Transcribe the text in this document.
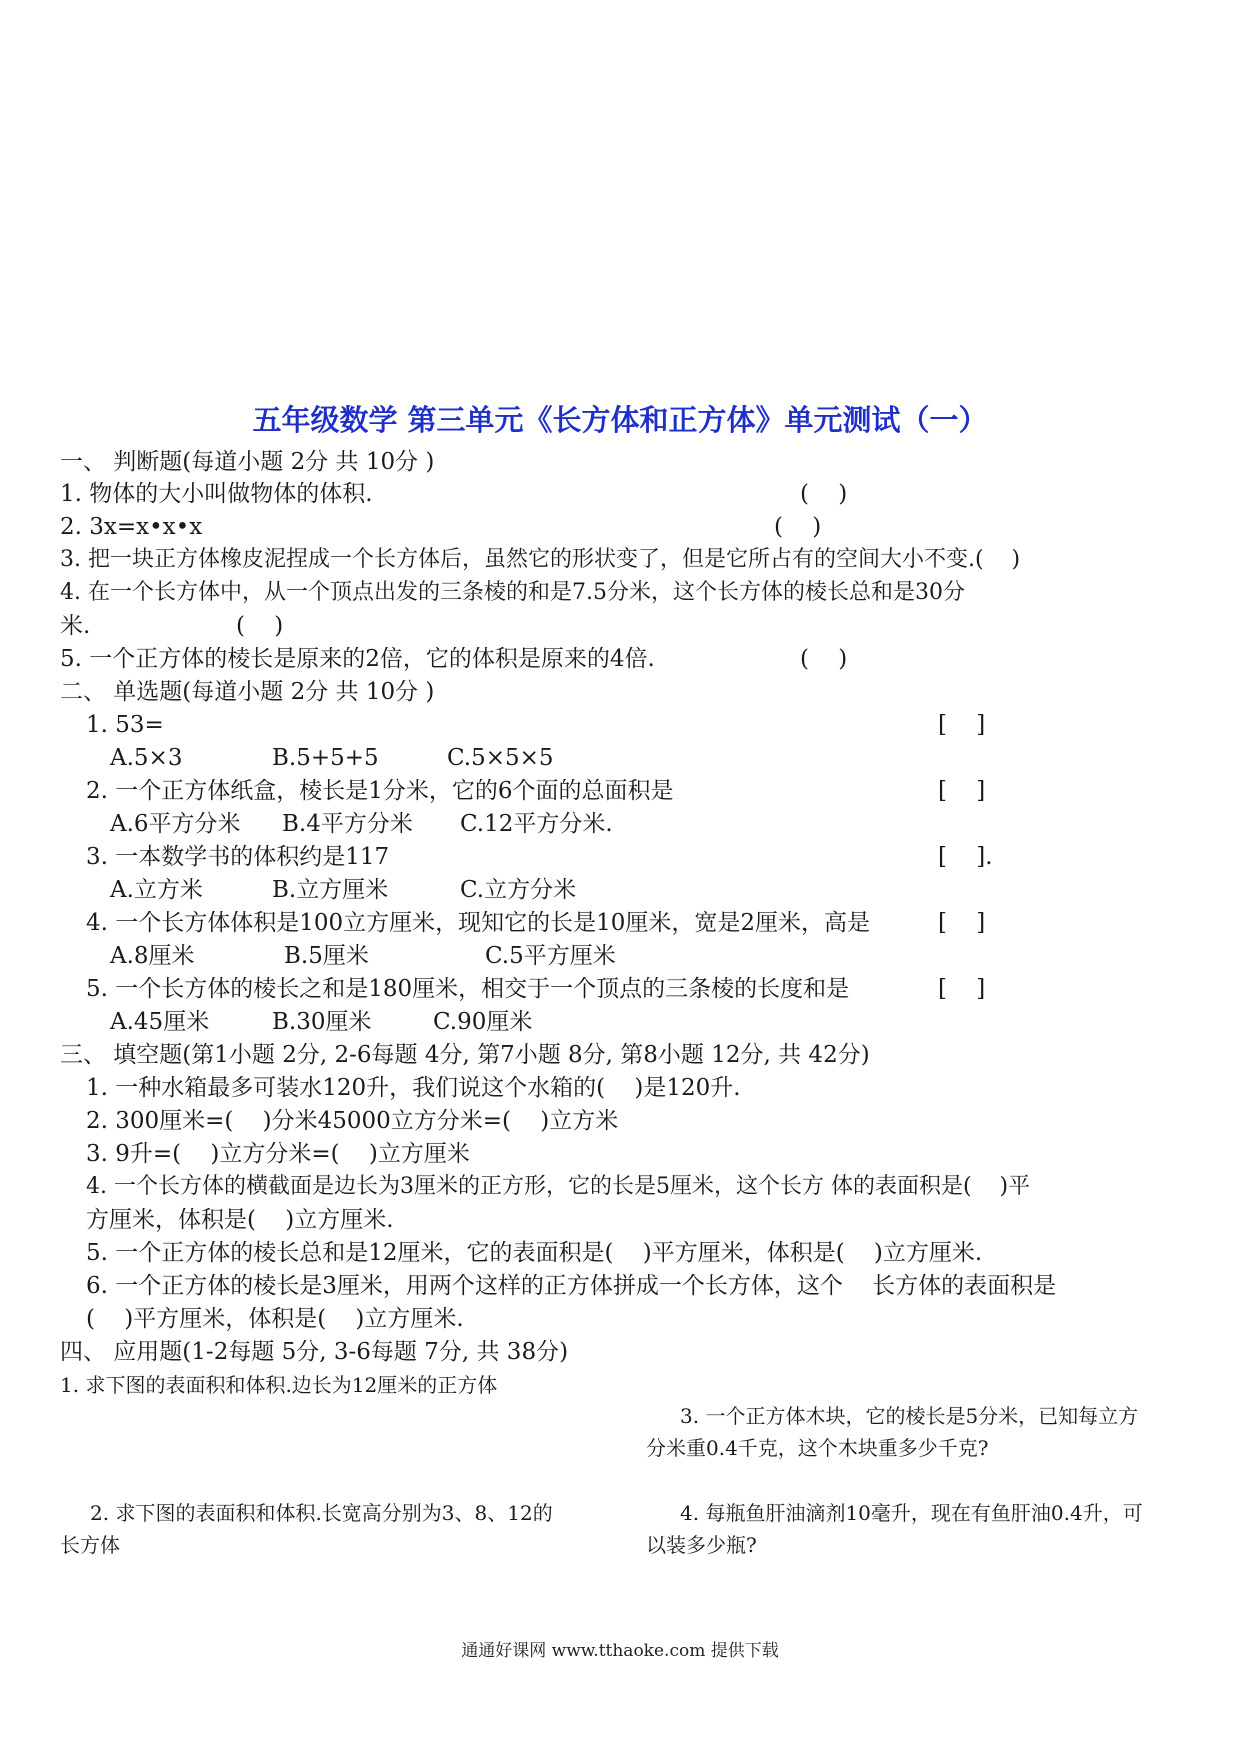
五年级数学 第三单元《长方体和正方体》单元测试（一）
一、 判断题(每道小题 2分 共 10分 )
1. 物体的大小叫做物体的体积.	(    )
2. 3x=x•x•x	(    )
3. 把一块正方体橡皮泥捏成一个长方体后，虽然它的形状变了，但是它所占有的空间大小不变.(    )
4. 在一个长方体中，从一个顶点出发的三条棱的和是7.5分米，这个长方体的棱长总和是30分
米.	(    )
5. 一个正方体的棱长是原来的2倍，它的体积是原来的4倍.	(    )
二、 单选题(每道小题 2分 共 10分 )
1. 53=	[    ]
A.5×3	B.5+5+5	C.5×5×5
2. 一个正方体纸盒，棱长是1分米，它的6个面的总面积是	[    ]
A.6平方分米 B.4平方分米 C.12平方分米.
3. 一本数学书的体积约是117	[    ].
A.立方米	B.立方厘米	C.立方分米
4. 一个长方体体积是100立方厘米，现知它的长是10厘米，宽是2厘米，高是	[    ]
A.8厘米	B.5厘米	C.5平方厘米
5. 一个长方体的棱长之和是180厘米，相交于一个顶点的三条棱的长度和是	[    ]
A.45厘米	B.30厘米	C.90厘米
三、 填空题(第1小题 2分, 2-6每题 4分, 第7小题 8分, 第8小题 12分, 共 42分)
1. 一种水箱最多可装水120升，我们说这个水箱的(    )是120升.
2. 300厘米=(    )分米45000立方分米=(    )立方米
3. 9升=(    )立方分米=(    )立方厘米
4. 一个长方体的横截面是边长为3厘米的正方形，它的长是5厘米，这个长方 体的表面积是(    )平
方厘米，体积是(    )立方厘米.
5. 一个正方体的棱长总和是12厘米，它的表面积是(    )平方厘米，体积是(    )立方厘米.
6. 一个正方体的棱长是3厘米，用两个这样的正方体拼成一个长方体，这个    长方体的表面积是
(    )平方厘米，体积是(    )立方厘米.
四、 应用题(1-2每题 5分, 3-6每题 7分, 共 38分)
1. 求下图的表面积和体积.边长为12厘米的正方体
3. 一个正方体木块，它的棱长是5分米，已知每立方
分米重0.4千克，这个木块重多少千克?
2. 求下图的表面积和体积.长宽高分别为3、8、12的
长方体
4. 每瓶鱼肝油滴剂10毫升，现在有鱼肝油0.4升，可
以装多少瓶?
通通好课网 www.tthaoke.com 提供下载
